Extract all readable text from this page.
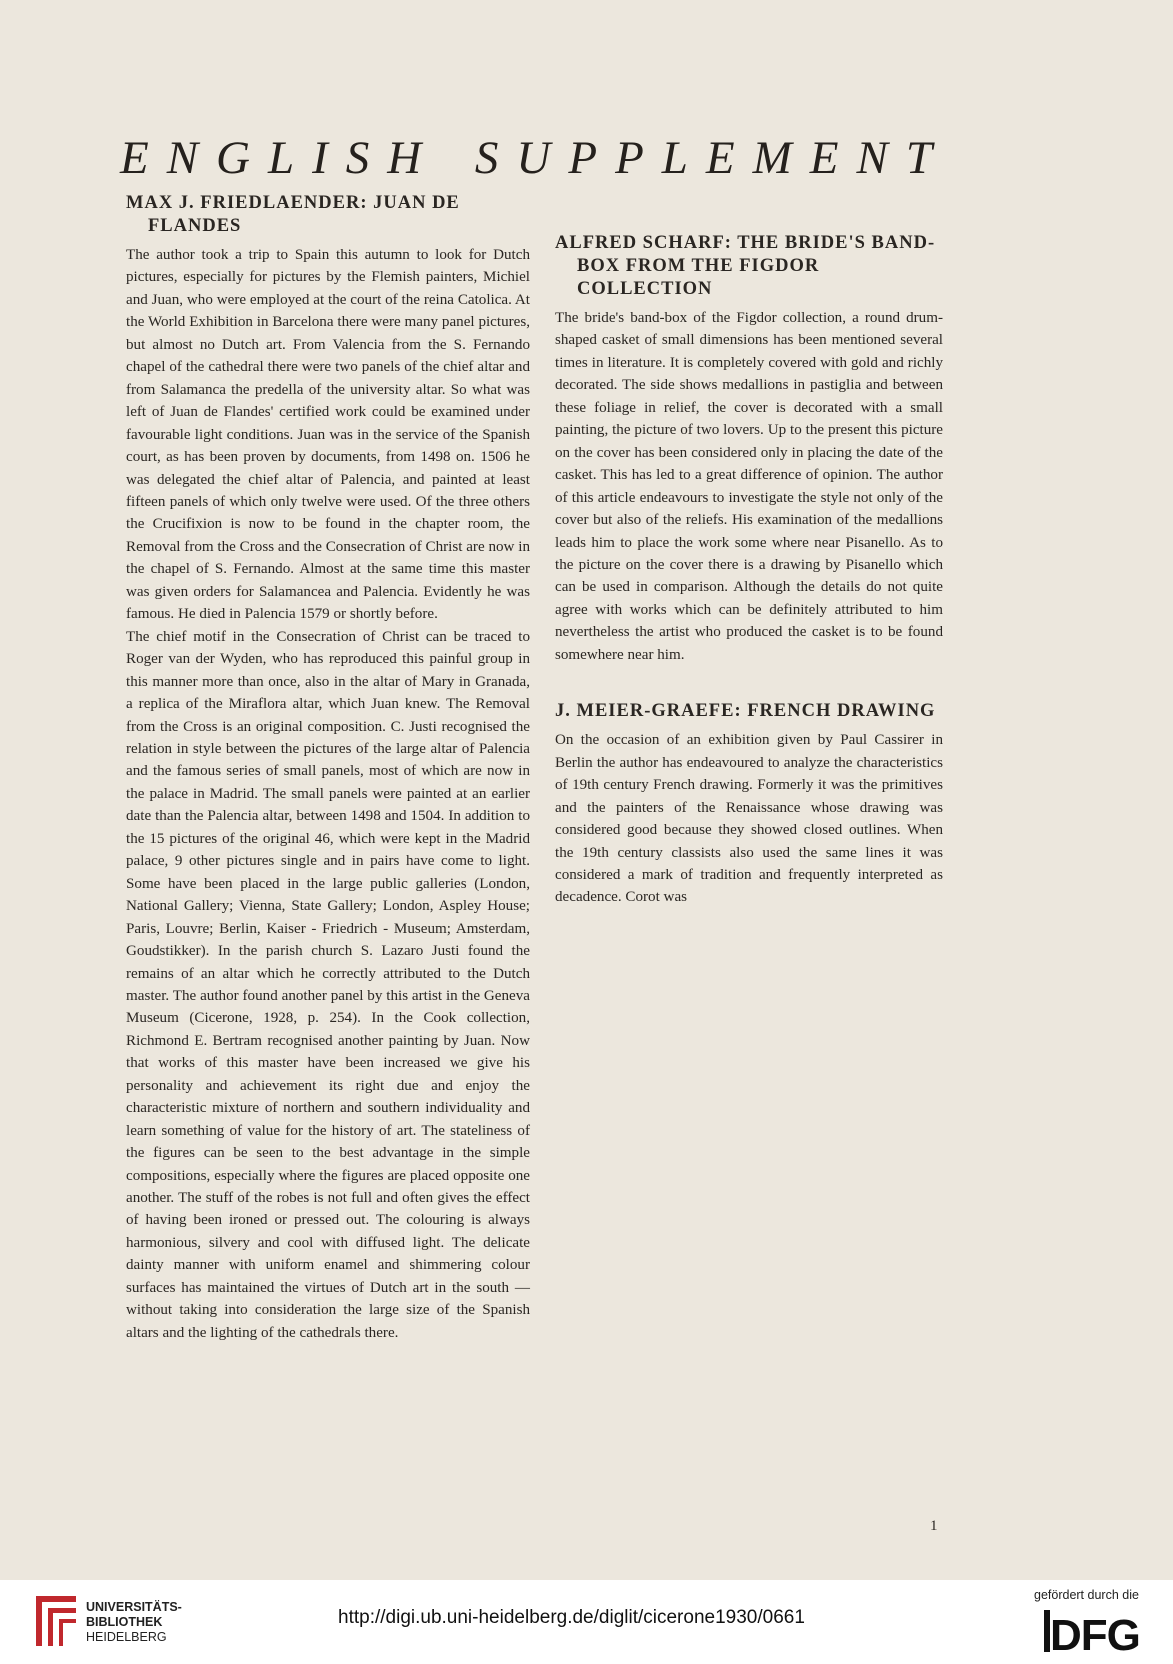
ENGLISH SUPPLEMENT
MAX J. FRIEDLAENDER: JUAN DE FLANDES

The author took a trip to Spain this autumn to look for Dutch pictures, especially for pictures by the Flemish painters, Michiel and Juan, who were employed at the court of the reina Catolica. At the World Exhibition in Barcelona there were many panel pictures, but almost no Dutch art. From Valencia from the S. Fernando chapel of the cathedral there were two panels of the chief altar and from Salamanca the predella of the university altar. So what was left of Juan de Flandes' certified work could be examined under favourable light conditions. Juan was in the service of the Spanish court, as has been proven by documents, from 1498 on. 1506 he was delegated the chief altar of Palencia, and painted at least fifteen panels of which only twelve were used. Of the three others the Crucifixion is now to be found in the chapter room, the Removal from the Cross and the Consecration of Christ are now in the chapel of S. Fernando. Almost at the same time this master was given orders for Salamancea and Palencia. Evidently he was famous. He died in Palencia 1579 or shortly before.

The chief motif in the Consecration of Christ can be traced to Roger van der Wyden, who has reproduced this painful group in this manner more than once, also in the altar of Mary in Granada, a replica of the Miraflora altar, which Juan knew. The Removal from the Cross is an original composition. C. Justi recognised the relation in style between the pictures of the large altar of Palencia and the famous series of small panels, most of which are now in the palace in Madrid. The small panels were painted at an earlier date than the Palencia altar, between 1498 and 1504. In addition to the 15 pictures of the original 46, which were kept in the Madrid palace, 9 other pictures single and in pairs have come to light. Some have been placed in the large public galleries (London, National Gallery; Vienna, State Gallery; London, Aspley House; Paris, Louvre; Berlin, Kaiser - Friedrich - Museum; Amsterdam, Goudstikker). In the parish church S. Lazaro Justi found the remains of an altar which he correctly attributed to the Dutch master. The author found another panel by this artist in the Geneva Museum (Cicerone, 1928, p. 254). In the Cook collection, Richmond E. Bertram recognised another painting by Juan. Now that works of this master have been increased we give his personality and achievement its right due and enjoy the characteristic mixture of northern and southern individuality and learn something of value for the history of art. The stateliness of the figures can be seen to the best advantage in the simple compositions, especially where the figures are placed opposite one another. The stuff of the robes is not full and often gives the effect of having been ironed or pressed out. The colouring is always harmonious, silvery and cool with diffused light. The delicate dainty manner with uniform enamel and shimmering colour surfaces has maintained the virtues of Dutch art in the south — without taking into consideration the large size of the Spanish altars and the lighting of the cathedrals there.

ALFRED SCHARF: THE BRIDE'S BAND-BOX FROM THE FIGDOR COLLECTION

The bride's band-box of the Figdor collection, a round drum-shaped casket of small dimensions has been mentioned several times in literature. It is completely covered with gold and richly decorated. The side shows medallions in pastiglia and between these foliage in relief, the cover is decorated with a small painting, the picture of two lovers. Up to the present this picture on the cover has been considered only in placing the date of the casket. This has led to a great difference of opinion. The author of this article endeavours to investigate the style not only of the cover but also of the reliefs. His examination of the medallions leads him to place the work some where near Pisanello. As to the picture on the cover there is a drawing by Pisanello which can be used in comparison. Although the details do not quite agree with works which can be definitely attributed to him nevertheless the artist who produced the casket is to be found somewhere near him.

J. MEIER-GRAEFE: FRENCH DRAWING

On the occasion of an exhibition given by Paul Cassirer in Berlin the author has endeavoured to analyze the characteristics of 19th century French drawing. Formerly it was the primitives and the painters of the Renaissance whose drawing was considered good because they showed closed outlines. When the 19th century classists also used the same lines it was considered a mark of tradition and frequently interpreted as decadence. Corot was

1
UNIVERSITÄTS-
BIBLIOTHEK
HEIDELBERG
http://digi.ub.uni-heidelberg.de/diglit/cicerone1930/0661
gefördert durch die
DFG
